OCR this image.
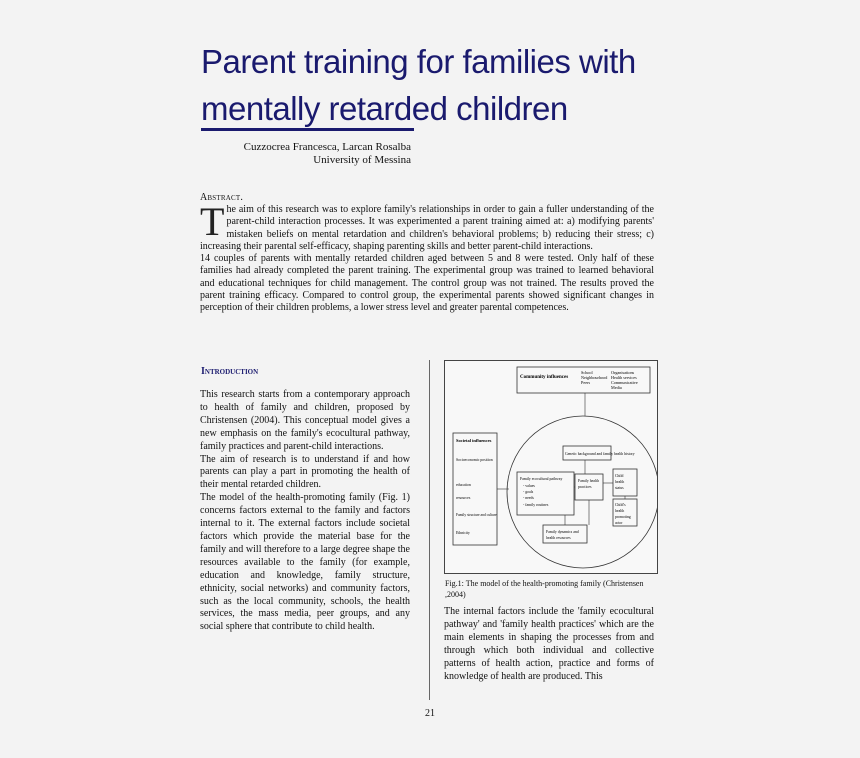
Parent training for families with mentally retarded children
Cuzzocrea Francesca, Larcan Rosalba
University of Messina
Abstract.
T he aim of this research was to explore family's relationships in order to gain a fuller understanding of the parent-child interaction processes. It was experimented a parent training aimed at: a) modifying parents' mistaken beliefs on mental retardation and children's behavioral problems; b) reducing their stress; c) increasing their parental self-efficacy, shaping parenting skills and better parent-child interactions.

14 couples of parents with mentally retarded children aged between 5 and 8 were tested. Only half of these families had already completed the parent training. The experimental group was trained to learned behavioral and educational techniques for child management. The control group was not trained. The results proved the parent training efficacy. Compared to control group, the experimental parents showed significant changes in perception of their children problems, a lower stress level and greater parental competences.

Introduction

This research starts from a contemporary approach to health of family and children, proposed by Christensen (2004). This conceptual model gives a new emphasis on the family's ecocultural pathway, family practices and parent-child interactions.

The aim of research is to understand if and how parents can play a part in promoting the health of their mental retarded children.

The model of the health-promoting family (Fig. 1) concerns factors external to the family and factors internal to it. The external factors include societal factors which provide the material base for the family and will therefore to a large degree shape the resources available to the family (for example, education and knowledge, family structure, ethnicity, social networks) and community factors, such as the local community, schools, the health services, the mass media, peer groups, and any social sphere that contribute to child health.

Community influences
School
Neighbourhood
Peers
Organisations
Health services
Communicative
Media
Societal influences
Socioeconomic position
education
resources
Family structure and culture
Ethnicity
Genetic background and family health history
Family ecocultural pathway
- values
- goals
- needs
- family routines
Family health
practices
Child
health
status
Child's
health
promoting
actor
Family dynamics and
health resources
Fig.1: The model of the health-promoting family (Christensen ,2004)

The internal factors include the 'family ecocultural pathway' and 'family health practices' which are the main elements in shaping the processes from and through which both individual and collective patterns of health action, practice and forms of knowledge of health are produced. This

21
